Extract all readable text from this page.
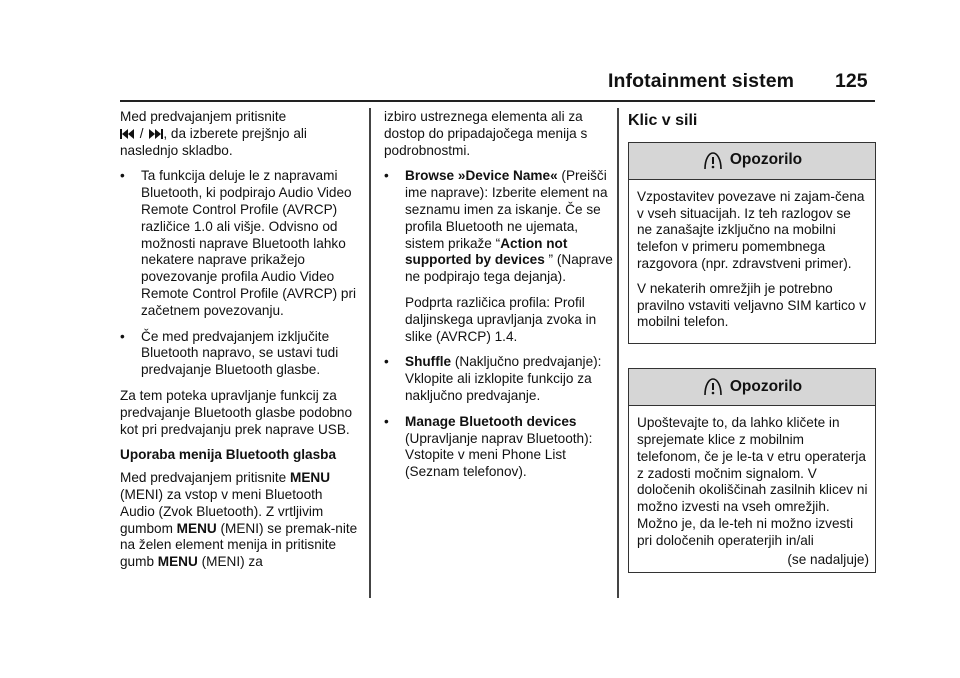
Infotainment sistem 125

Med predvajanjem pritisnite

/ , da izberete prejšnjo ali naslednjo skladbo.

• Ta funkcija deluje le z napravami Bluetooth, ki podpirajo Audio Video Remote Control Profile (AVRCP) različice 1.0 ali višje. Odvisno od možnosti naprave Bluetooth lahko nekatere naprave prikažejo povezovanje profila Audio Video Remote Control Profile (AVRCP) pri začetnem povezovanju.
• Če med predvajanjem izključite Bluetooth napravo, se ustavi tudi predvajanje Bluetooth glasbe.

Za tem poteka upravljanje funkcij za predvajanje Bluetooth glasbe podobno kot pri predvajanju prek naprave USB.

Uporaba menija Bluetooth glasba

Med predvajanjem pritisnite MENU (MENI) za vstop v meni Bluetooth Audio (Zvok Bluetooth). Z vrtljivim gumbom MENU (MENI) se premak-nite na želen element menija in pritisnite gumb MENU (MENI) za

izbiro ustreznega elementa ali za dostop do pripadajočega menija s podrobnostmi.

• Browse »Device Name« (Preišči ime naprave): Izberite element na seznamu imen za iskanje. Če se profila Bluetooth ne ujemata, sistem prikaže “Action not supported by devices ” (Naprave ne podpirajo tega dejanja).
Podprta različica profila: Profil daljinskega upravljanja zvoka in slike (AVRCP) 1.4.
• Shuffle (Naključno predvajanje): Vklopite ali izklopite funkcijo za naključno predvajanje.
• Manage Bluetooth devices (Upravljanje naprav Bluetooth): Vstopite v meni Phone List (Seznam telefonov).

Klic v sili

Opozorilo

Vzpostavitev povezave ni zajam-čena v vseh situacijah. Iz teh razlogov se ne zanašajte izključno na mobilni telefon v primeru pomembnega razgovora (npr. zdravstveni primer).

V nekaterih omrežjih je potrebno pravilno vstaviti veljavno SIM kartico v mobilni telefon.

Opozorilo

Upoštevajte to, da lahko kličete in sprejemate klice z mobilnim telefonom, če je le-ta v etru operaterja z zadosti močnim signalom. V določenih okoliščinah zasilnih klicev ni možno izvesti na vseh omrežjih. Možno je, da le-teh ni možno izvesti pri določenih operaterjih in/ali

(se nadaljuje)
